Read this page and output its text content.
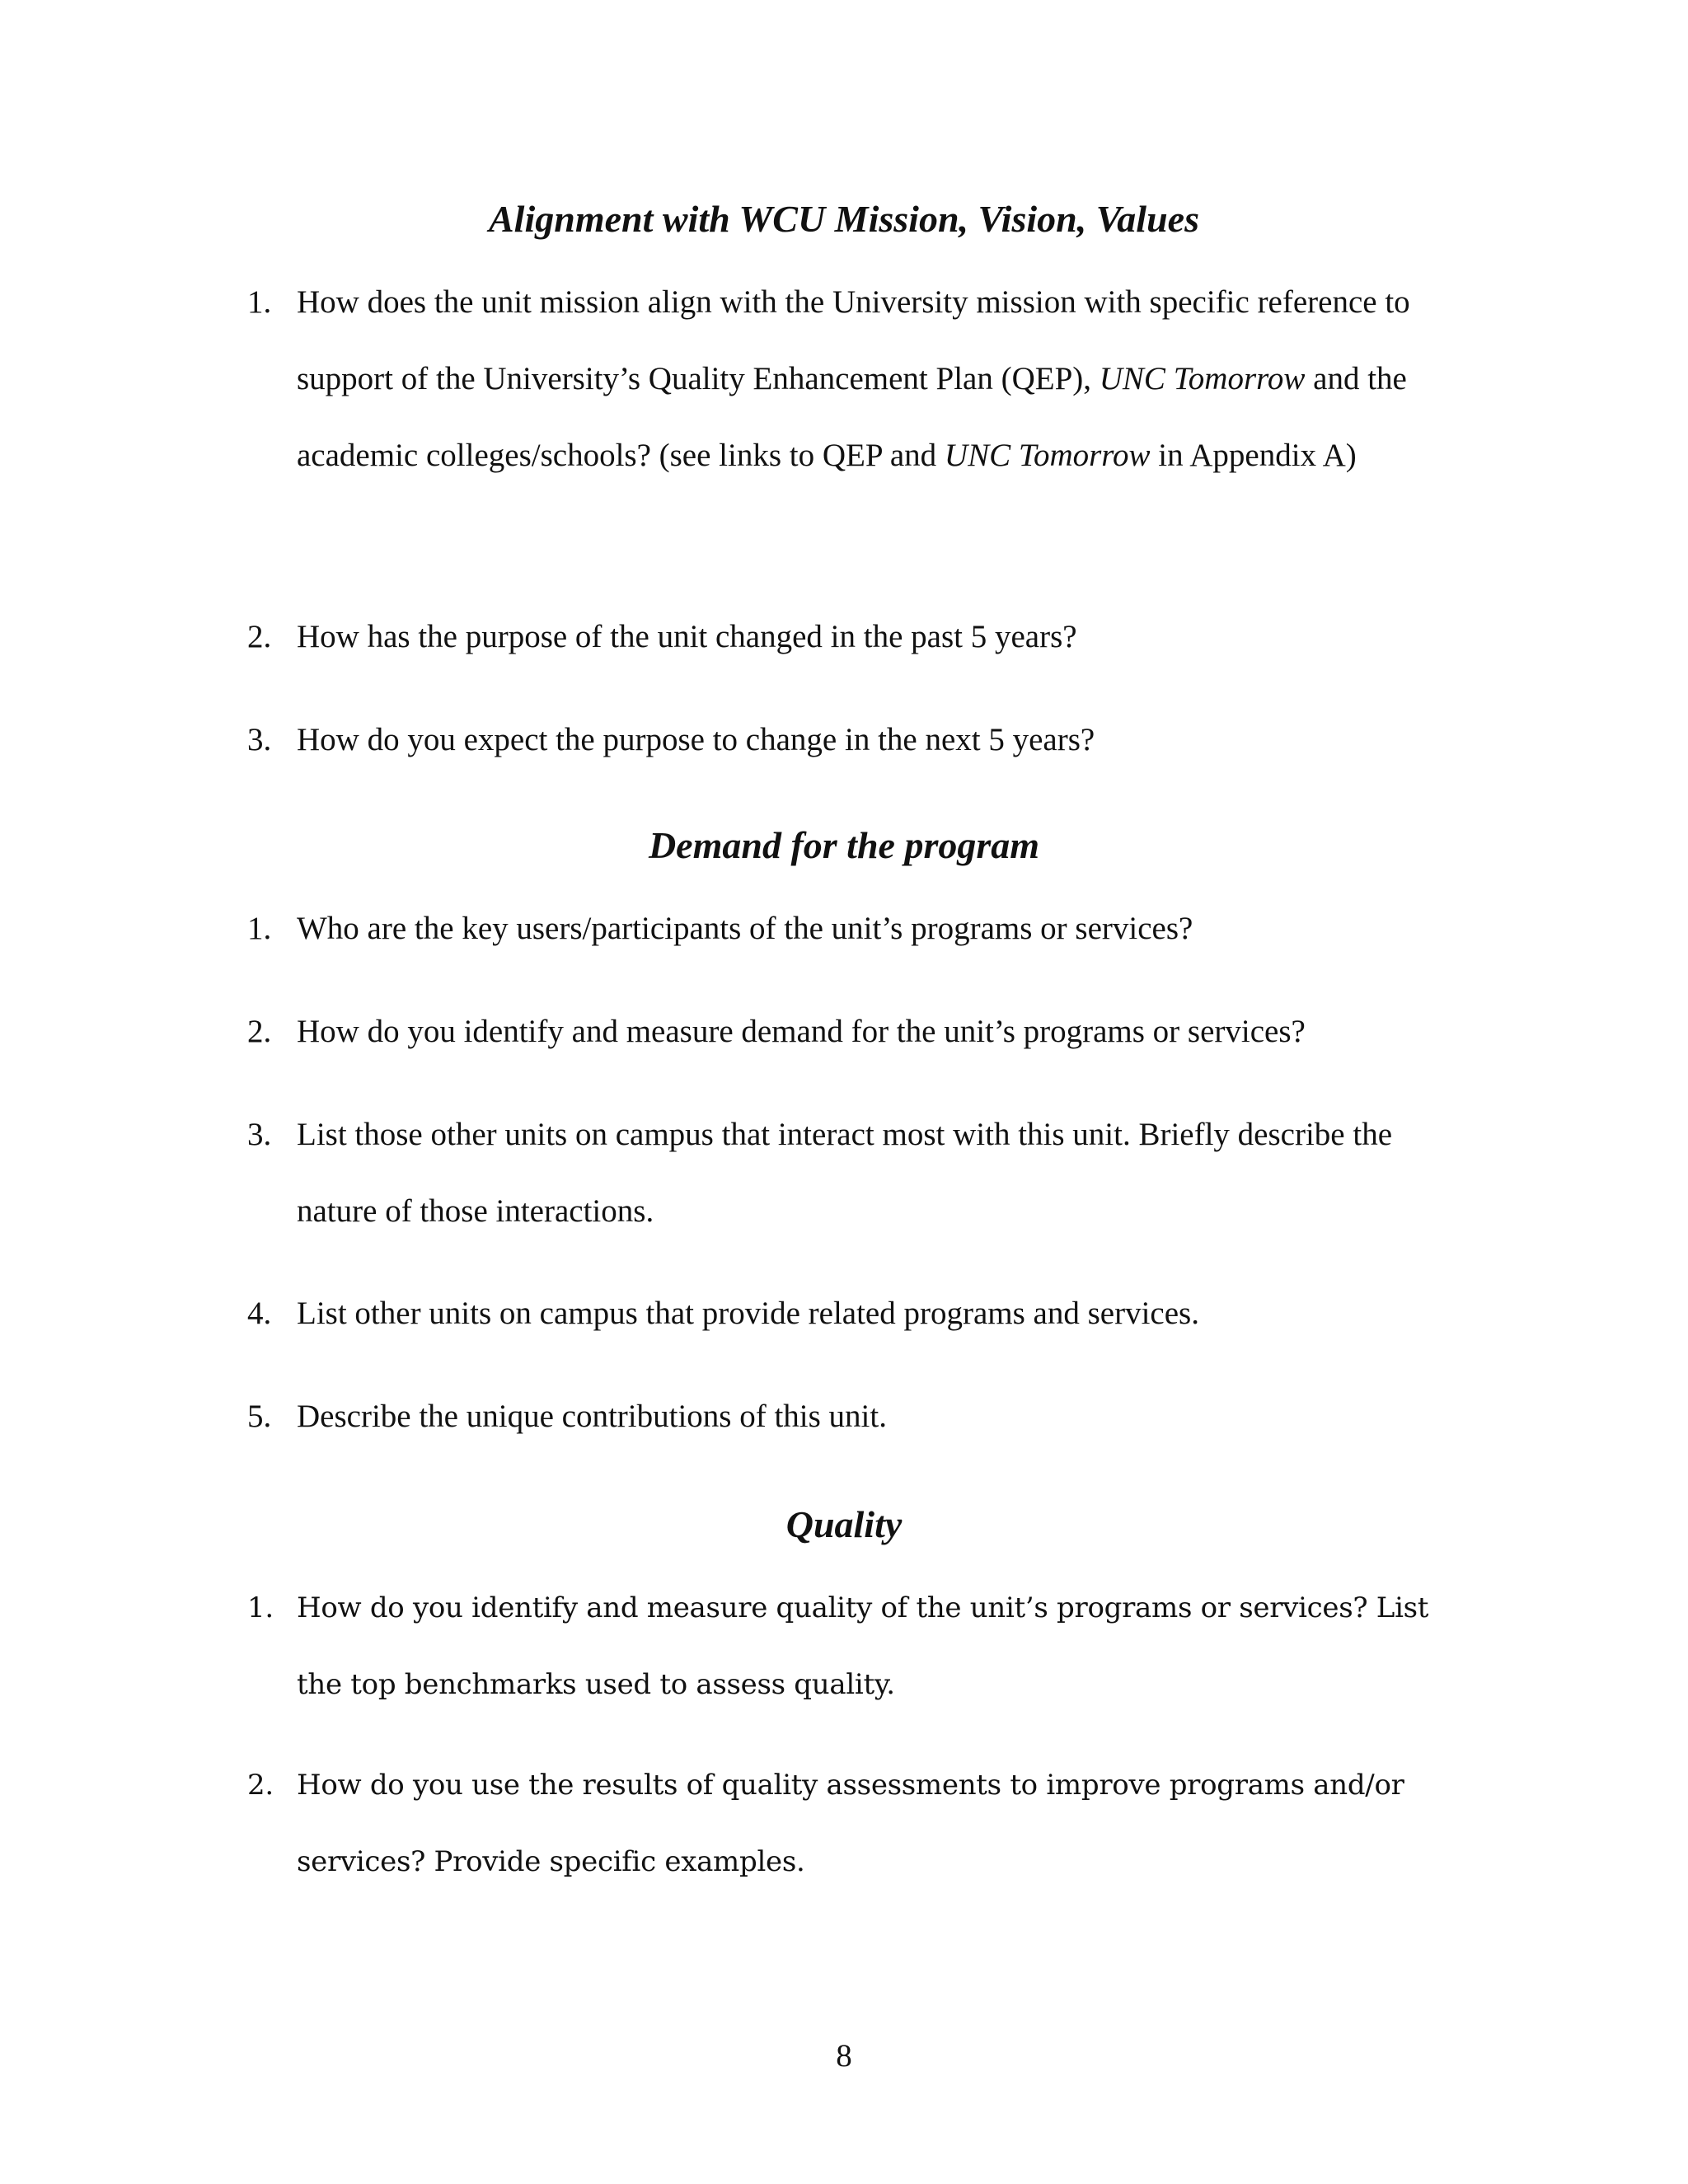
Alignment with WCU Mission, Vision, Values
1. How does the unit mission align with the University mission with specific reference to support of the University’s Quality Enhancement Plan (QEP), UNC Tomorrow and the academic colleges/schools? (see links to QEP and UNC Tomorrow in Appendix A)
2. How has the purpose of the unit changed in the past 5 years?
3. How do you expect the purpose to change in the next 5 years?
Demand for the program
1. Who are the key users/participants of the unit’s programs or services?
2. How do you identify and measure demand for the unit’s programs or services?
3. List those other units on campus that interact most with this unit. Briefly describe the nature of those interactions.
4. List other units on campus that provide related programs and services.
5. Describe the unique contributions of this unit.
Quality
1. How do you identify and measure quality of the unit’s programs or services? List the top benchmarks used to assess quality.
2. How do you use the results of quality assessments to improve programs and/or services? Provide specific examples.
8
